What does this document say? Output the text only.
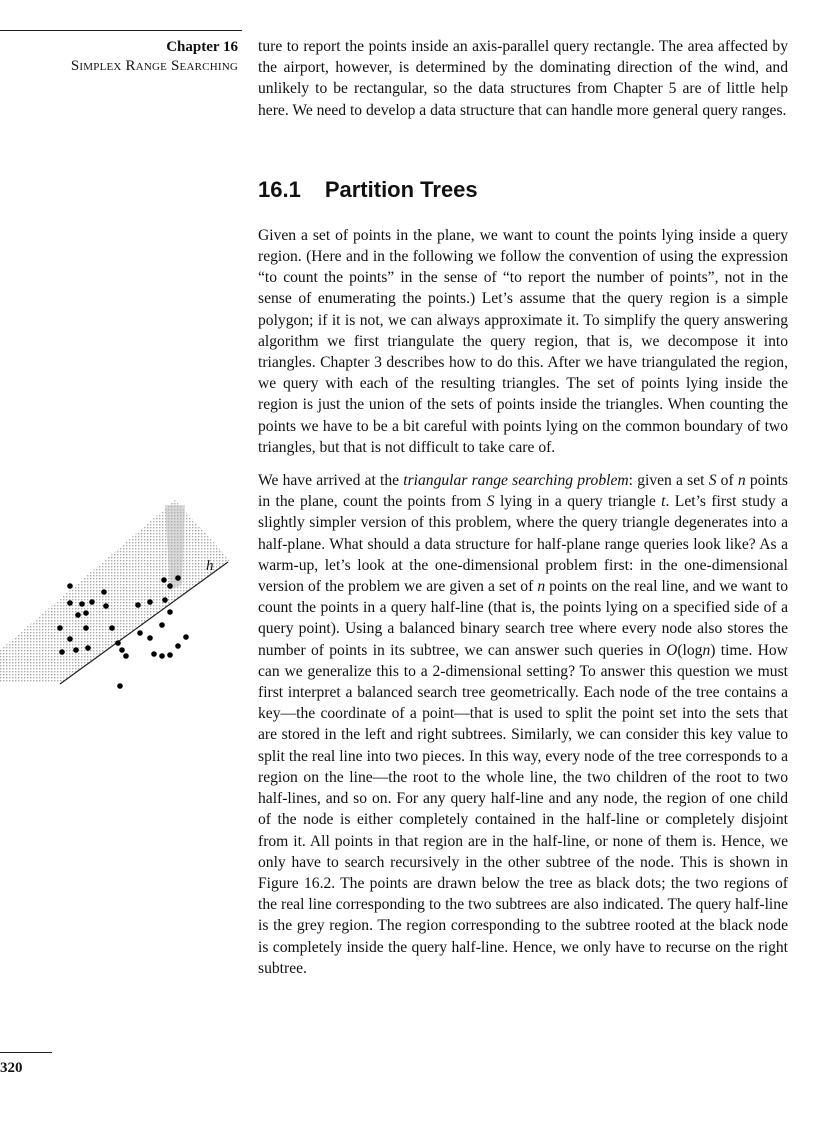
Chapter 16
Simplex Range Searching

ture to report the points inside an axis-parallel query rectangle. The area affected by the airport, however, is determined by the dominating direction of the wind, and unlikely to be rectangular, so the data structures from Chapter 5 are of little help here. We need to develop a data structure that can handle more general query ranges.

16.1 Partition Trees

Given a set of points in the plane, we want to count the points lying inside a query region. (Here and in the following we follow the convention of using the expression “to count the points” in the sense of “to report the number of points”, not in the sense of enumerating the points.) Let’s assume that the query region is a simple polygon; if it is not, we can always approximate it. To simplify the query answering algorithm we first triangulate the query region, that is, we decompose it into triangles. Chapter 3 describes how to do this. After we have triangulated the region, we query with each of the resulting triangles. The set of points lying inside the region is just the union of the sets of points inside the triangles. When counting the points we have to be a bit careful with points lying on the common boundary of two triangles, but that is not difficult to take care of.

We have arrived at the triangular range searching problem: given a set S of n points in the plane, count the points from S lying in a query triangle t. Let’s first study a slightly simpler version of this problem, where the query triangle degenerates into a half-plane. What should a data structure for half-plane range queries look like? As a warm-up, let’s look at the one-dimensional problem first: in the one-dimensional version of the problem we are given a set of n points on the real line, and we want to count the points in a query half-line (that is, the points lying on a specified side of a query point). Using a balanced binary search tree where every node also stores the number of points in its subtree, we can answer such queries in O(logn) time. How can we generalize this to a 2-dimensional setting? To answer this question we must first interpret a balanced search tree geometrically. Each node of the tree contains a key—the coordinate of a point—that is used to split the point set into the sets that are stored in the left and right subtrees. Similarly, we can consider this key value to split the real line into two pieces. In this way, every node of the tree corresponds to a region on the line—the root to the whole line, the two children of the root to two half-lines, and so on. For any query half-line and any node, the region of one child of the node is either completely contained in the half-line or completely disjoint from it. All points in that region are in the half-line, or none of them is. Hence, we only have to search recursively in the other subtree of the node. This is shown in Figure 16.2. The points are drawn below the tree as black dots; the two regions of the real line corresponding to the two subtrees are also indicated. The query half-line is the grey region. The region corresponding to the subtree rooted at the black node is completely inside the query half-line. Hence, we only have to recurse on the right subtree.

h
320
